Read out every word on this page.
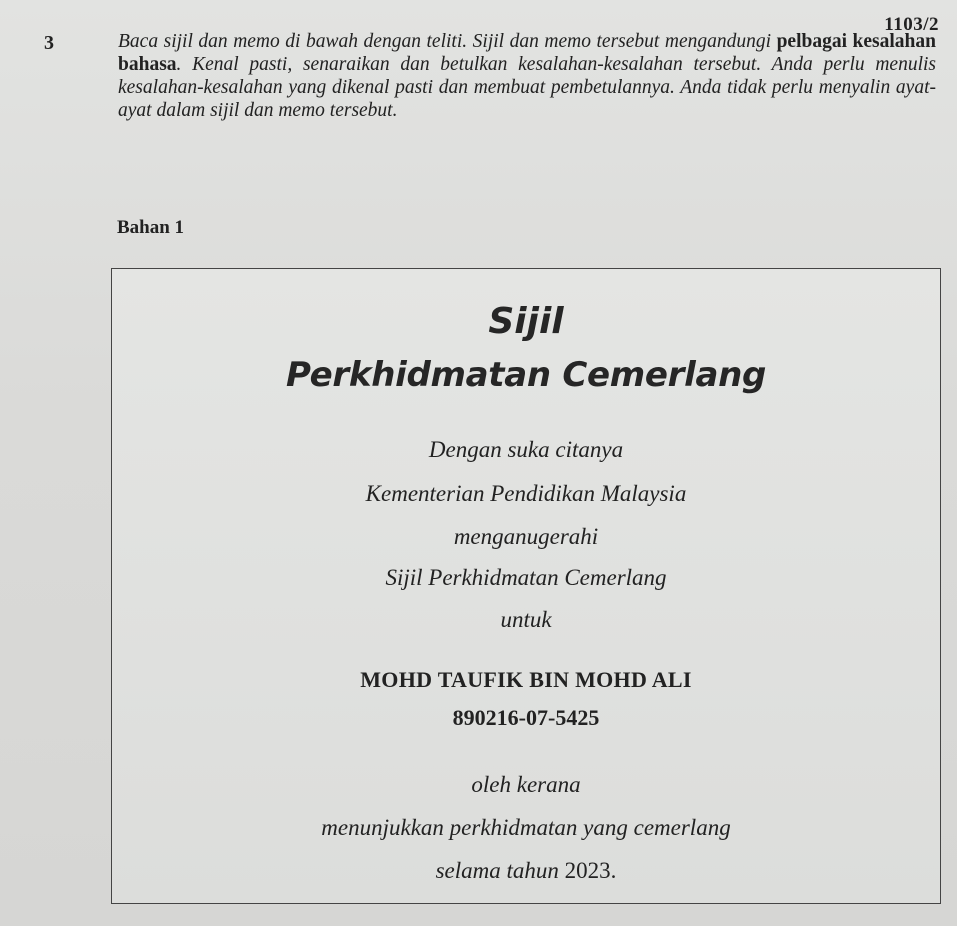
1103/2
3	Baca sijil dan memo di bawah dengan teliti. Sijil dan memo tersebut mengandungi pelbagai kesalahan bahasa. Kenal pasti, senaraikan dan betulkan kesalahan-kesalahan tersebut. Anda perlu menulis kesalahan-kesalahan yang dikenal pasti dan membuat pembetulannya. Anda tidak perlu menyalin ayat-ayat dalam sijil dan memo tersebut.
Bahan 1
Sijil
Perkhidmatan Cemerlang
Dengan suka citanya
Kementerian Pendidikan Malaysia
menganugerahi
Sijil Perkhidmatan Cemerlang
untuk
MOHD TAUFIK BIN MOHD ALI
890216-07-5425
oleh kerana
menunjukkan perkhidmatan yang cemerlang
selama tahun 2023.
